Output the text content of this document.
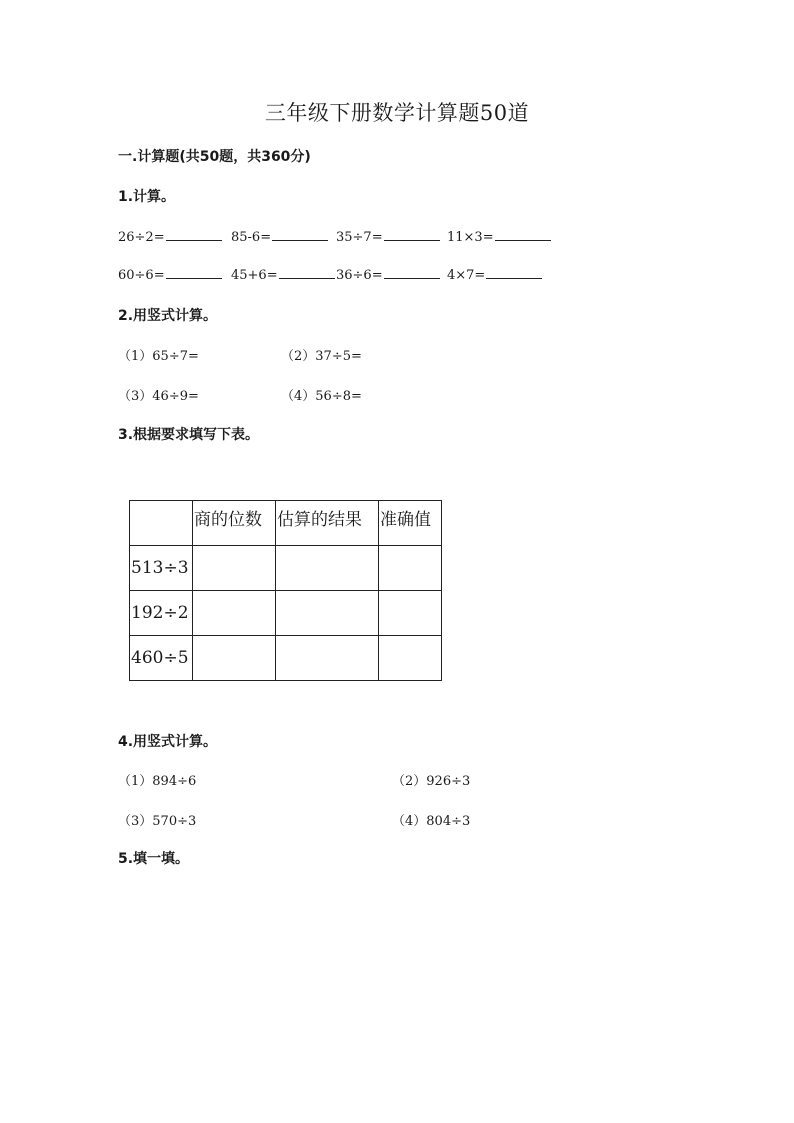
三年级下册数学计算题50道
一.计算题(共50题，共360分)
1.计算。
26÷2=	85-6=	35÷7=	11×3=
60÷6=	45+6=	36÷6=	4×7=
2.用竖式计算。
（1）65÷7=	（2）37÷5=
（3）46÷9=	（4）56÷8=
3.根据要求填写下表。
	商的位数	估算的结果	准确值
513÷3			
192÷2			
460÷5			
4.用竖式计算。
（1）894÷6	（2）926÷3
（3）570÷3	（4）804÷3
5.填一填。
